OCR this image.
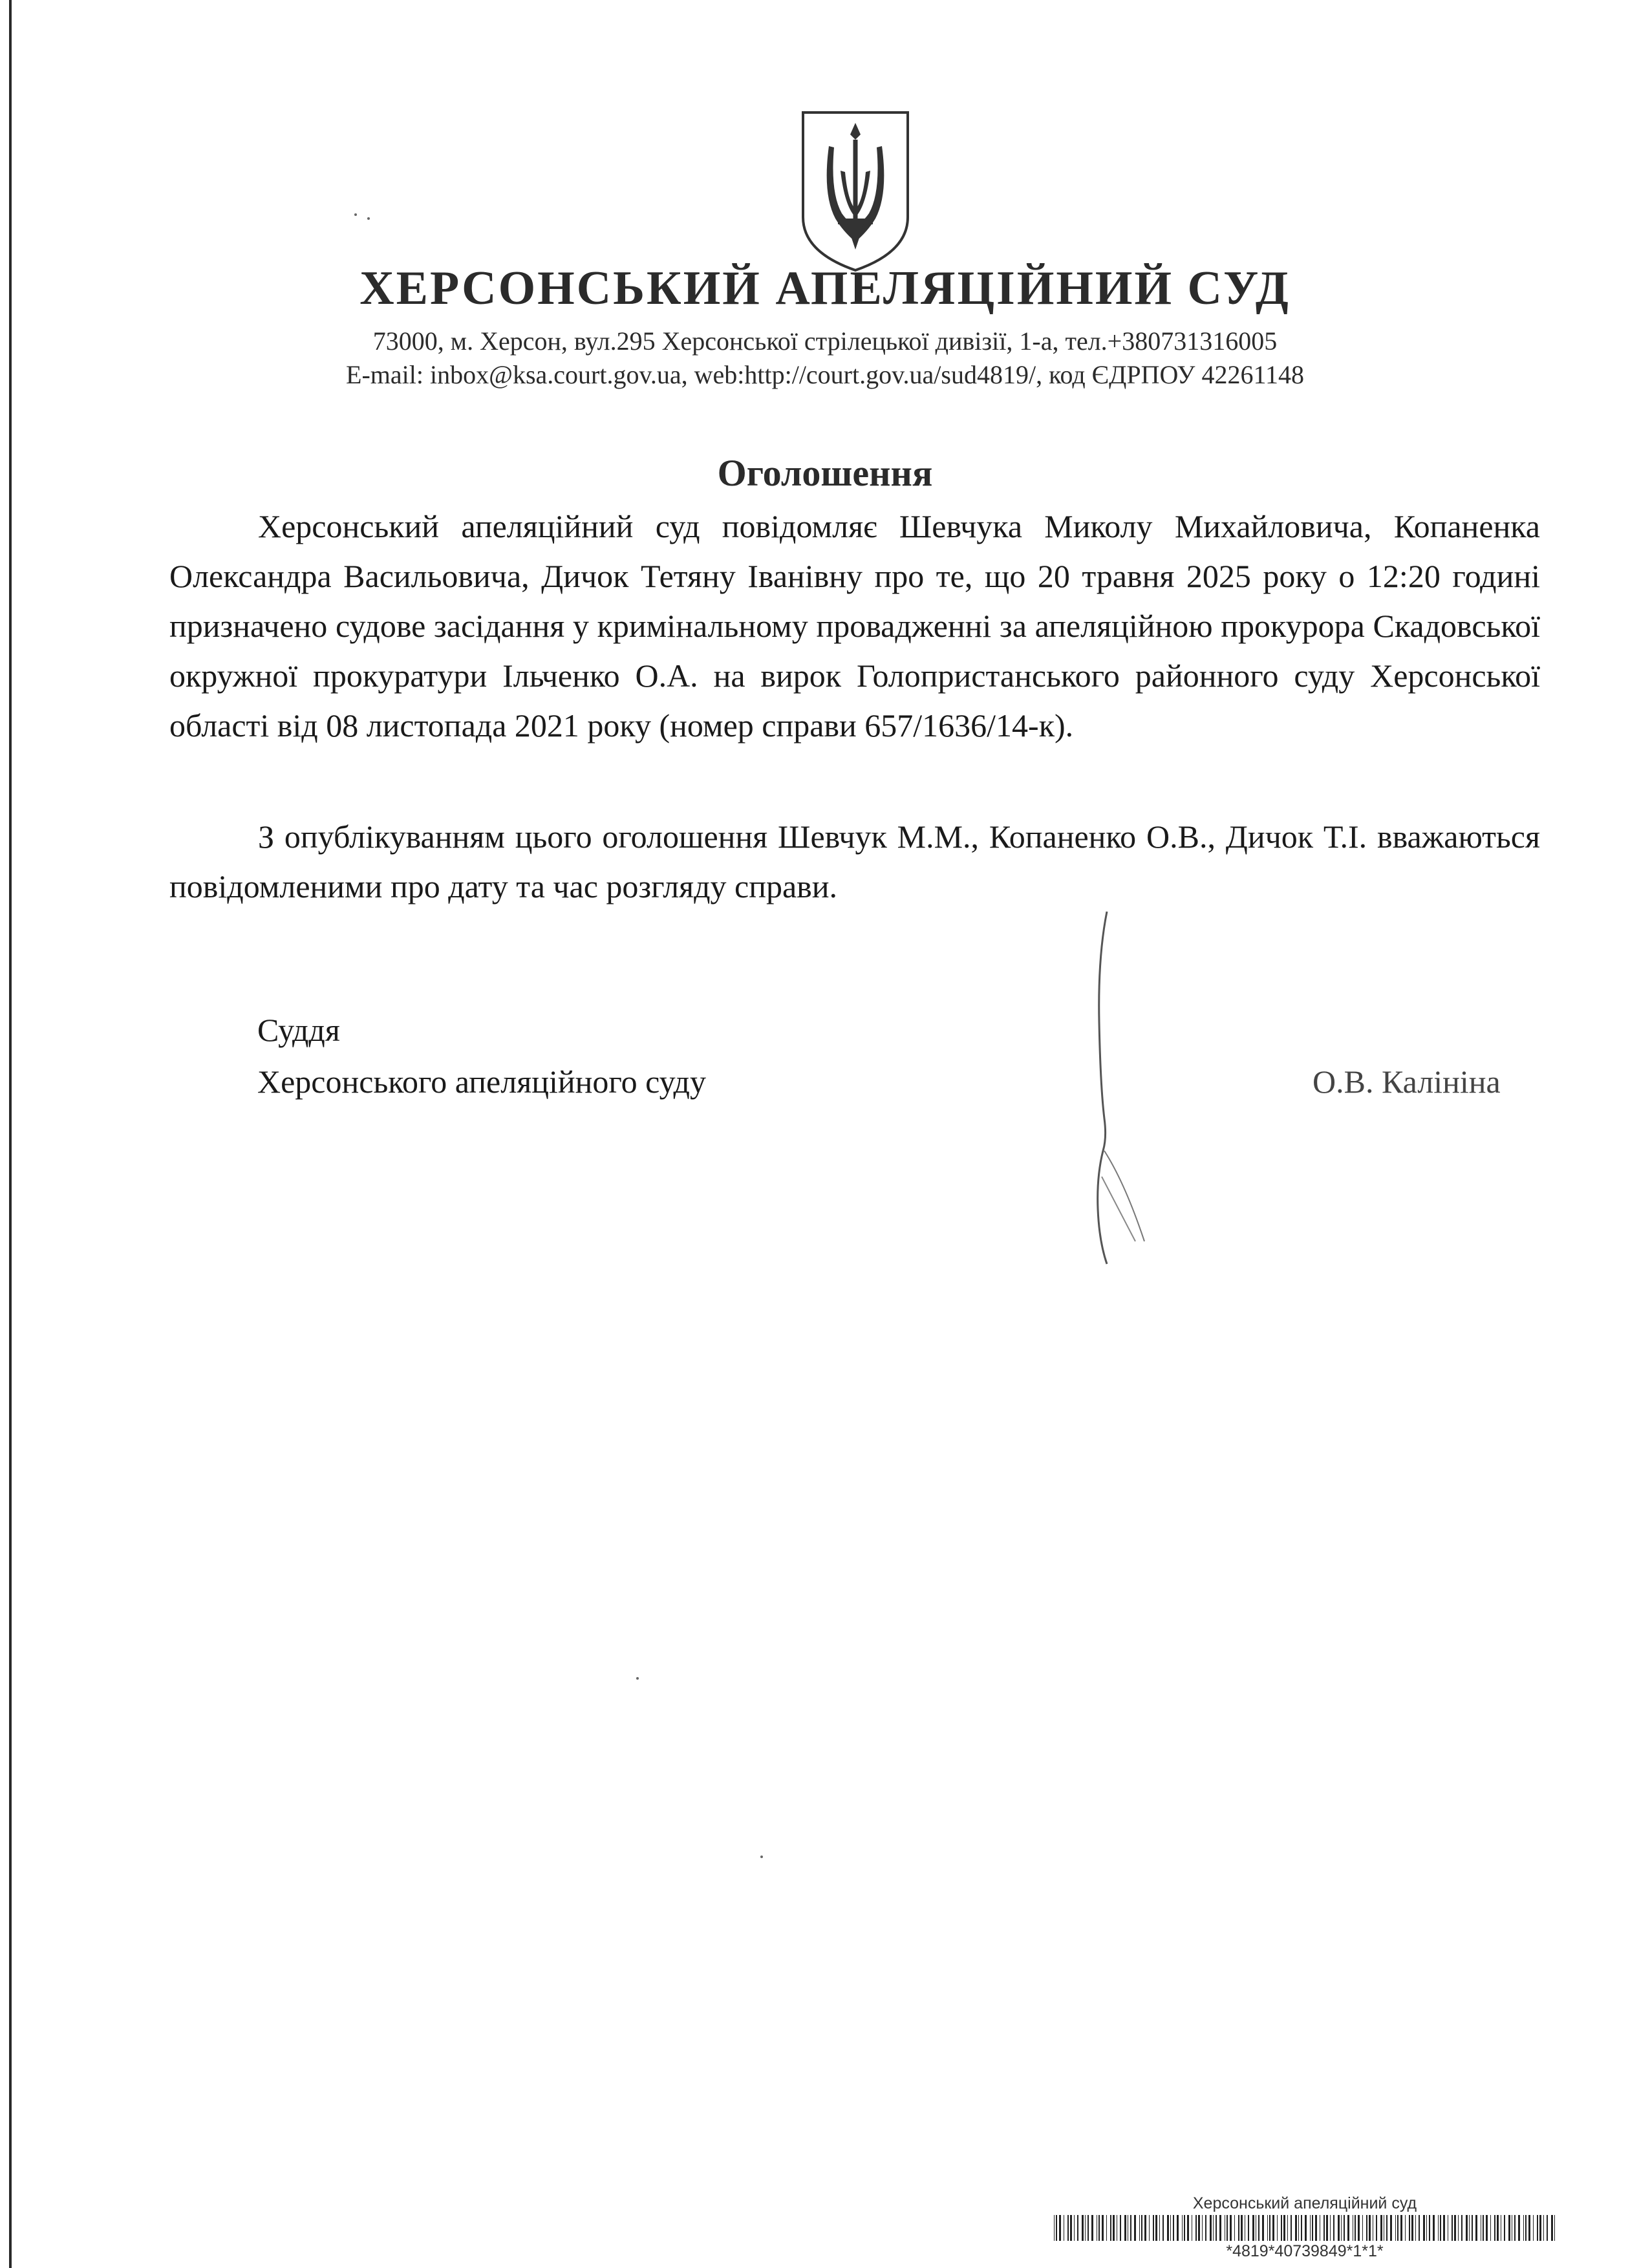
ХЕРСОНСЬКИЙ АПЕЛЯЦІЙНИЙ СУД
73000, м. Херсон, вул.295 Херсонської стрілецької дивізії, 1-а, тел.+380731316005
E-mail: inbox@ksa.court.gov.ua, web:http://court.gov.ua/sud4819/, код ЄДРПОУ 42261148
Оголошення
Херсонський апеляційний суд повідомляє Шевчука Миколу Михайловича, Копаненка Олександра Васильовича, Дичок Тетяну Іванівну про те, що 20 травня 2025 року о 12:20 годині призначено судове засідання у кримінальному провадженні за апеляційною прокурора Скадовської окружної прокуратури Ільченко О.А. на вирок Голопристанського районного суду Херсонської області від 08 листопада 2021 року (номер справи 657/1636/14-к).
З опублікуванням цього оголошення Шевчук М.М., Копаненко О.В., Дичок Т.І. вважаються повідомленими про дату та час розгляду справи.
Суддя
Херсонського апеляційного суду	О.В. Калініна
Херсонський апеляційний суд
*4819*40739849*1*1*
